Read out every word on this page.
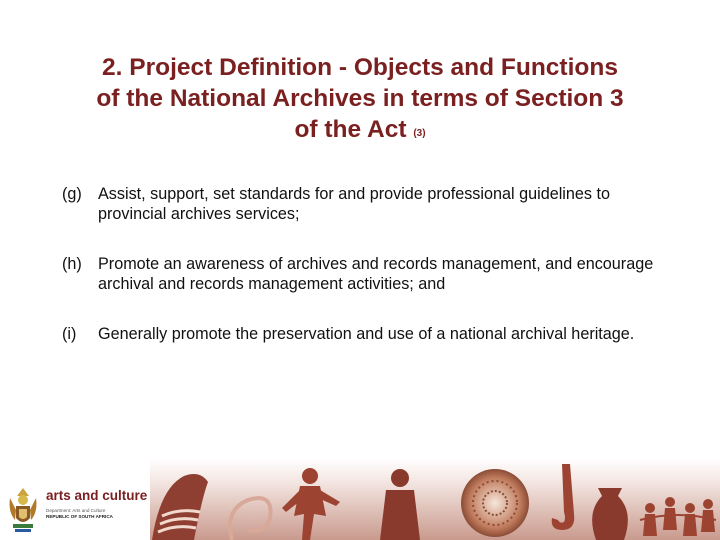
2. Project Definition - Objects and Functions
of the National Archives in terms of Section 3
of the Act (3)
(g)	Assist, support, set standards for and provide professional guidelines to provincial archives services;
(h)	Promote an awareness of archives and records management, and encourage archival and records management activities; and
(i)	Generally promote the preservation and use of a national archival heritage.
arts and culture
Department: Arts and Culture
REPUBLIC OF SOUTH AFRICA
